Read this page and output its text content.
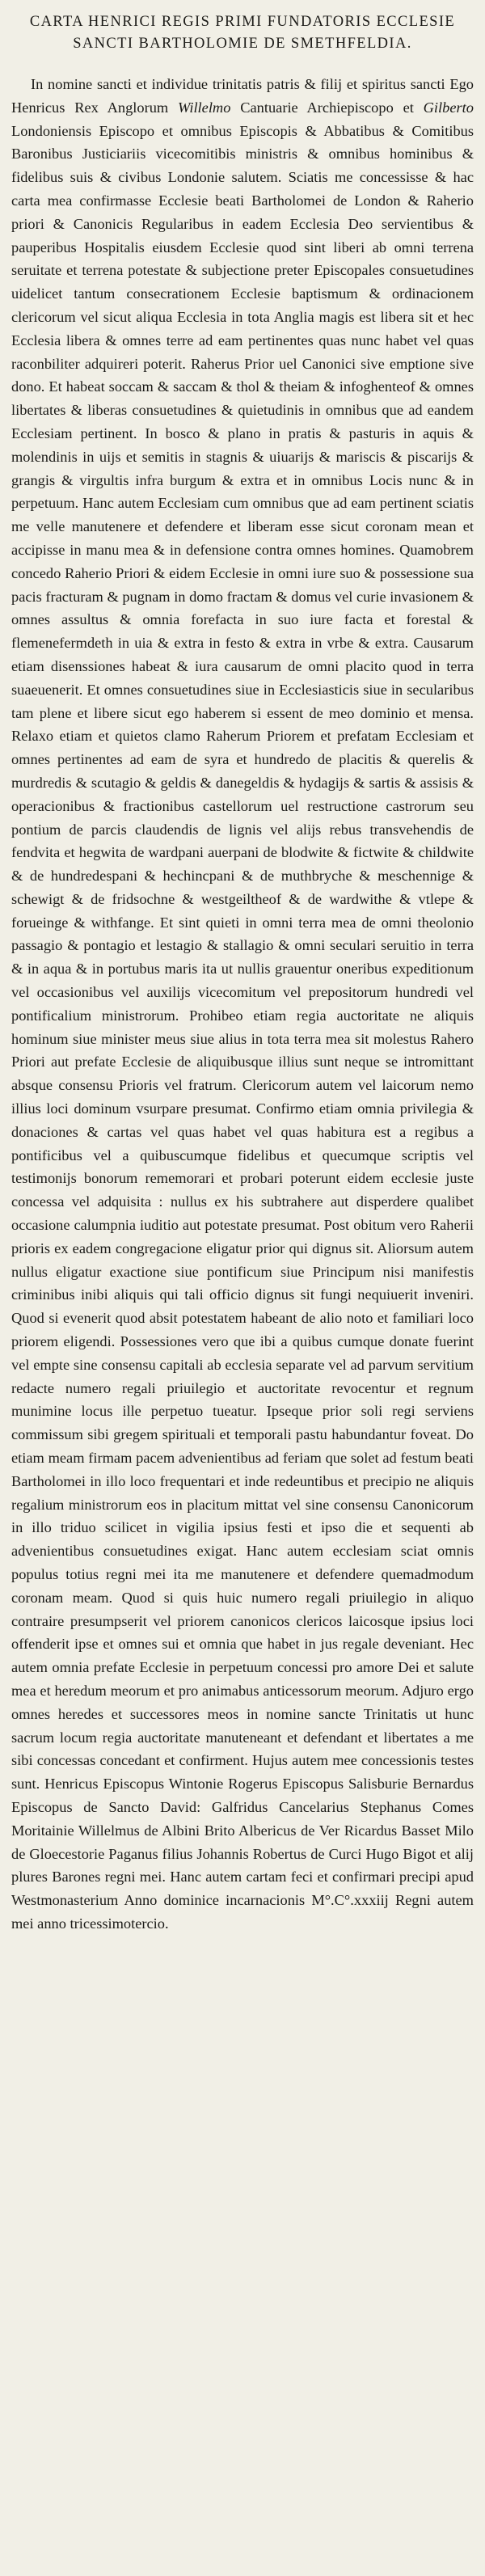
CARTA HENRICI REGIS PRIMI FUNDATORIS ECCLESIE SANCTI BARTHOLOMIE DE SMETHFELDIA.

In nomine sancti et individue trinitatis patris & filij et spiritus sancti Ego Henricus Rex Anglorum Willelmo Cantuarie Archiepiscopo et Gilberto Londoniensis Episcopo et omnibus Episcopis & Abbatibus & Comitibus Baronibus Justiciariis vicecomitibis ministris & omnibus hominibus & fidelibus suis & civibus Londonie salutem. Sciatis me concessisse & hac carta mea confirmasse Ecclesie beati Bartholomei de London & Raherio priori & Canonicis Regularibus in eadem Ecclesia Deo servientibus & pauperibus Hospitalis eiusdem Ecclesie quod sint liberi ab omni terrena seruitate et terrena potestate & subjectione preter Episcopales consuetudines uidelicet tantum consecrationem Ecclesie baptismum & ordinacionem clericorum vel sicut aliqua Ecclesia in tota Anglia magis est libera sit et hec Ecclesia libera & omnes terre ad eam pertinentes quas nunc habet vel quas raconbiliter adquireri poterit. Raherus Prior uel Canonici sive emptione sive dono. Et habeat soccam & saccam & thol & theiam & infoghenteof & omnes libertates & liberas consuetudines & quietudinis in omnibus que ad eandem Ecclesiam pertinent. In bosco & plano in pratis & pasturis in aquis & molendinis in uijs et semitis in stagnis & uiuarijs & mariscis & piscarijs & grangis & virgultis infra burgum & extra et in omnibus Locis nunc & in perpetuum. Hanc autem Ecclesiam cum omnibus que ad eam pertinent sciatis me velle manutenere et defendere et liberam esse sicut coronam mean et accipisse in manu mea & in defensione contra omnes homines. Quamobrem concedo Raherio Priori & eidem Ecclesie in omni iure suo & possessione sua pacis fracturam & pugnam in domo fractam & domus vel curie invasionem & omnes assultus & omnia forefacta in suo iure facta et forestal & flemenefermdeth in uia & extra in festo & extra in vrbe & extra. Causarum etiam disenssiones habeat & iura causarum de omni placito quod in terra suaeuenerit. Et omnes consuetudines siue in Ecclesiasticis siue in secularibus tam plene et libere sicut ego haberem si essent de meo dominio et mensa. Relaxo etiam et quietos clamo Raherum Priorem et prefatam Ecclesiam et omnes pertinentes ad eam de syra et hundredo de placitis & querelis & murdredis & scutagio & geldis & danegeldis & hydagijs & sartis & assisis & operacionibus & fractionibus castellorum uel restructione castrorum seu pontium de parcis claudendis de lignis vel alijs rebus transvehendis de fendvita et hegwita de wardpani auerpani de blodwite & fictwite & childwite & de hundredespani & hechincpani & de muthbryche & meschennige & schewigt & de fridsochne & westgeiltheof & de wardwithe & vtlepe & forueinge & withfange. Et sint quieti in omni terra mea de omni theolonio passagio & pontagio et lestagio & stallagio & omni seculari seruitio in terra & in aqua & in portubus maris ita ut nullis grauentur oneribus expeditionum vel occasionibus vel auxilijs vicecomitum vel prepositorum hundredi vel pontificalium ministrorum. Prohibeo etiam regia auctoritate ne aliquis hominum siue minister meus siue alius in tota terra mea sit molestus Rahero Priori aut prefate Ecclesie de aliquibusque illius sunt neque se intromittant absque consensu Prioris vel fratrum. Clericorum autem vel laicorum nemo illius loci dominum vsurpare presumat. Confirmo etiam omnia privilegia & donaciones & cartas vel quas habet vel quas habitura est a regibus a pontificibus vel a quibuscumque fidelibus et quecumque scriptis vel testimonijs bonorum rememorari et probari poterunt eidem ecclesie juste concessa vel adquisita : nullus ex his subtrahere aut disperdere qualibet occasione calumpnia iuditio aut potestate presumat. Post obitum vero Raherii prioris ex eadem congregacione eligatur prior qui dignus sit. Aliorsum autem nullus eligatur exactione siue pontificum siue Principum nisi manifestis criminibus inibi aliquis qui tali officio dignus sit fungi nequiuerit inveniri. Quod si evenerit quod absit potestatem habeant de alio noto et familiari loco priorem eligendi. Possessiones vero que ibi a quibus cumque donate fuerint vel empte sine consensu capitali ab ecclesia separate vel ad parvum servitium redacte numero regali priuilegio et auctoritate revocentur et regnum munimine locus ille perpetuo tueatur. Ipseque prior soli regi serviens commissum sibi gregem spirituali et temporali pastu habundantur foveat. Do etiam meam firmam pacem advenientibus ad feriam que solet ad festum beati Bartholomei in illo loco frequentari et inde redeuntibus et precipio ne aliquis regalium ministrorum eos in placitum mittat vel sine consensu Canonicorum in illo triduo scilicet in vigilia ipsius festi et ipso die et sequenti ab advenientibus consuetudines exigat. Hanc autem ecclesiam sciat omnis populus totius regni mei ita me manutenere et defendere quemadmodum coronam meam. Quod si quis huic numero regali priuilegio in aliquo contraire presumpserit vel priorem canonicos clericos laicosque ipsius loci offenderit ipse et omnes sui et omnia que habet in jus regale deveniant. Hec autem omnia prefate Ecclesie in perpetuum concessi pro amore Dei et salute mea et heredum meorum et pro animabus anticessorum meorum. Adjuro ergo omnes heredes et successores meos in nomine sancte Trinitatis ut hunc sacrum locum regia auctoritate manuteneant et defendant et libertates a me sibi concessas concedant et confirment. Hujus autem mee concessionis testes sunt. Henricus Episcopus Wintonie Rogerus Episcopus Salisburie Bernardus Episcopus de Sancto David: Galfridus Cancelarius Stephanus Comes Moritainie Willelmus de Albini Brito Albericus de Ver Ricardus Basset Milo de Gloecestorie Paganus filius Johannis Robertus de Curci Hugo Bigot et alij plures Barones regni mei. Hanc autem cartam feci et confirmari precipi apud Westmonasterium Anno dominice incarnacionis M°.C°.xxxiij Regni autem mei anno tricessimotercio.
